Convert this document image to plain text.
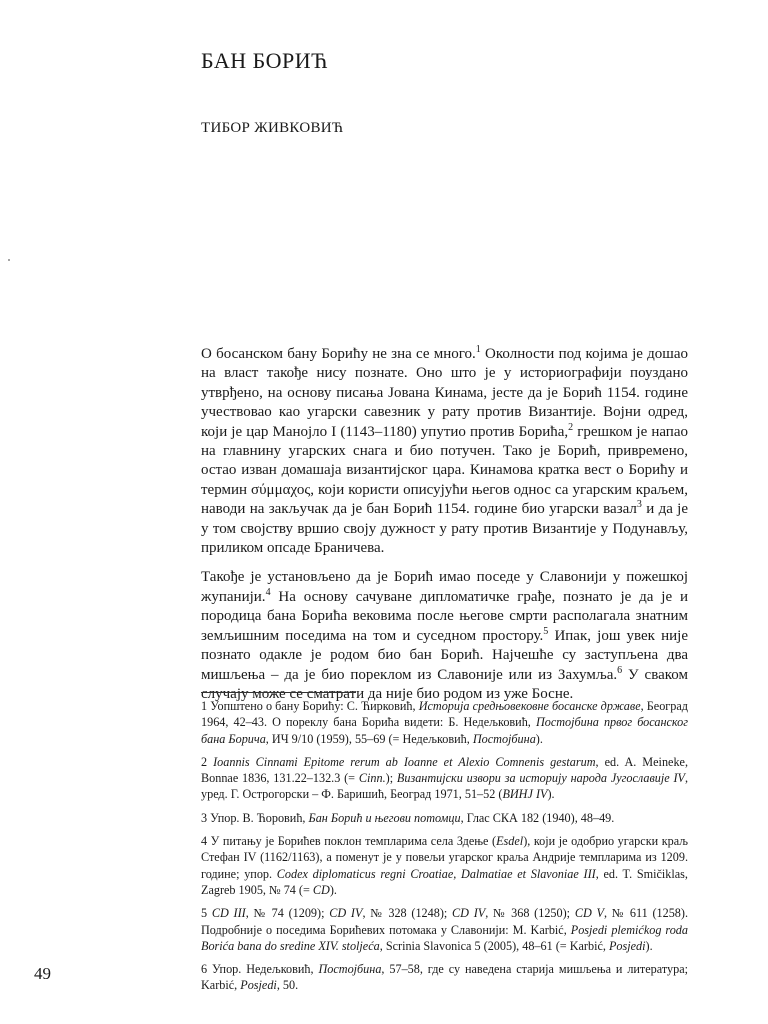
БАН БОРИЋ
ТИБОР ЖИВКОВИЋ

О босанском бану Борићу не зна се много.$^1$ Околности под којима је дошао на власт такође нису познате. Оно што је у историографији поуздано утврђено, на основу писања Јована Кинама, јесте да је Борић 1154. године учествовао као угарски савезник у рату против Византије. Војни одред, који је цар Манојло I (1143–1180) упутио против Борића,$^2$ грешком је напао на главнину угарских снага и био потучен. Тако је Борић, привремено, остао изван домашаја византијског цара. Кинамова кратка вест о Борићу и термин σύμμαχος, који користи описујући његов однос са угарским краљем, наводи на закључак да је бан Борић 1154. године био угарски вазал$^3$ и да је у том својству вршио своју дужност у рату против Византије у Подунављу, приликом опсаде Браничева.

Такође је установљено да је Борић имао поседе у Славонији у пожешкој жупанији.$^4$ На основу сачуване дипломатичке грађе, познато је да је и породица бана Борића вековима после његове смрти располагала знатним земљишним поседима на том и суседном простору.$^5$ Ипак, још увек није познато одакле је родом био бан Борић. Најчешће су заступљена два мишљења – да је био пореклом из Славоније или из Захумља.$^6$ У сваком случају може се сматрати да није био родом из уже Босне.

1 Уопштено о бану Борићу: С. Ћирковић, Историја средњовековне босанске државе, Београд 1964, 42–43. О пореклу бана Борића видети: Б. Недељковић, Постојбина првог босанског бана Борича, ИЧ 9/10 (1959), 55–69 (= Недељковић, Постојбина).
2 Ioannis Cinnami Epitome rerum ab Ioanne et Alexio Comnenis gestarum, ed. A. Meineke, Bonnae 1836, 131.22–132.3 (= Cinn.); Византијски извори за историју народа Југославије IV, уред. Г. Острогорски – Ф. Баришић, Београд 1971, 51–52 (ВИНЈ IV).
3 Упор. В. Ћоровић, Бан Борић и његови потомци, Глас СКА 182 (1940), 48–49.
4 У питању је Борићев поклон темпларима села Здење (Esdel), који је одобрио угарски краљ Стефан IV (1162/1163), а поменут је у повељи угарског краља Андрије темпларима из 1209. године; упор. Codex diplomaticus regni Croatiae, Dalmatiae et Slavoniae III, ed. T. Smičiklas, Zagreb 1905, № 74 (= CD).
5 CD III, № 74 (1209); CD IV, № 328 (1248); CD IV, № 368 (1250); CD V, № 611 (1258). Подробније о поседима Борићевих потомака у Славонији: M. Karbić, Posjedi plemićkog roda Borića bana do sredine XIV. stoljeća, Scrinia Slavonica 5 (2005), 48–61 (= Karbić, Posjedi).
6 Упор. Недељковић, Постојбина, 57–58, где су наведена старија мишљења и литература; Karbić, Posjedi, 50.
49
